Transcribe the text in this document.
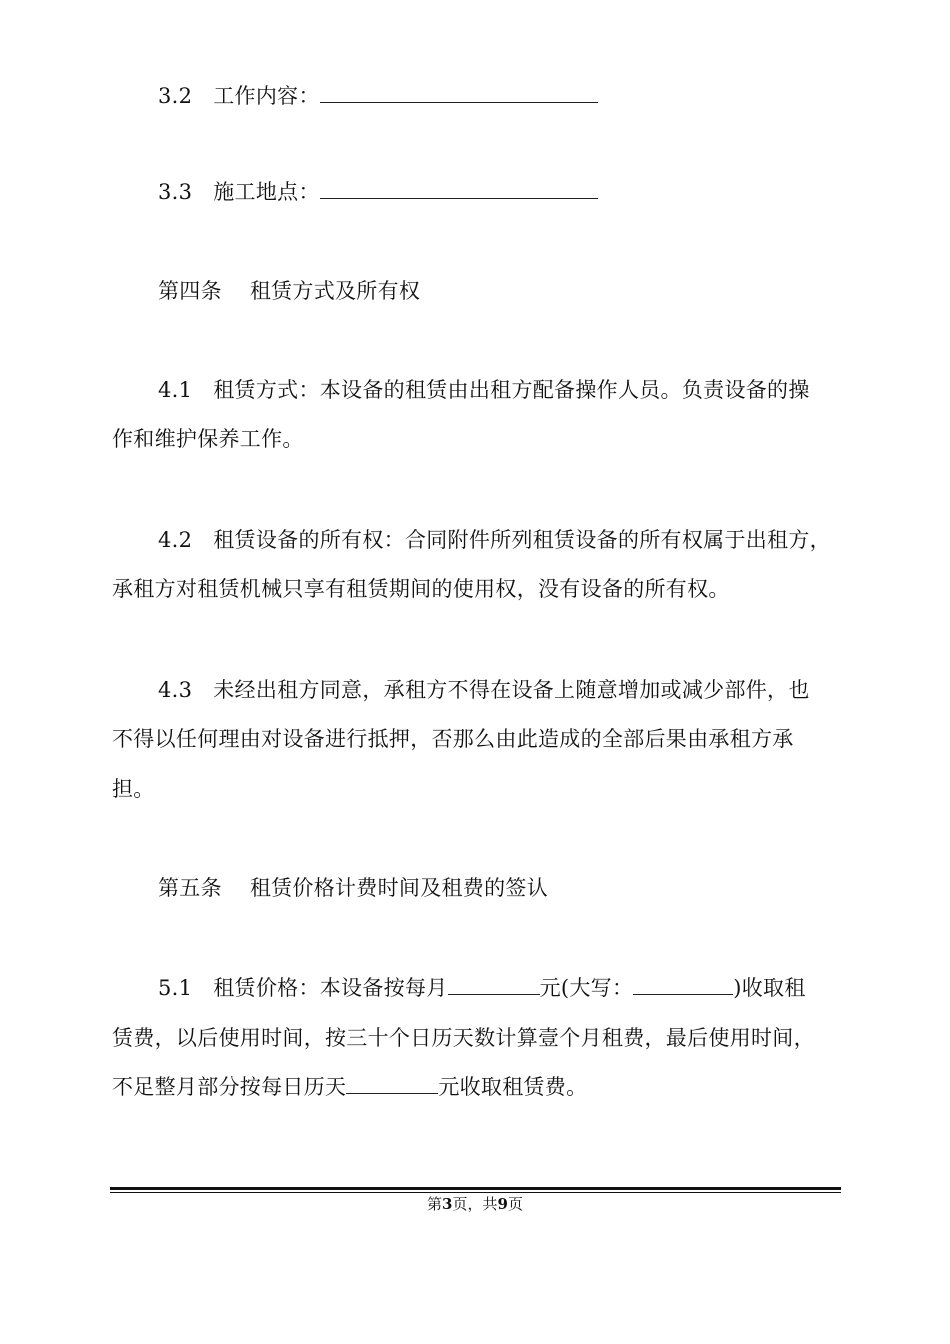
3.2 工作内容：
3.3 施工地点：
第四条 租赁方式及所有权
4.1 租赁方式：本设备的租赁由出租方配备操作人员。负责设备的操
作和维护保养工作。
4.2 租赁设备的所有权：合同附件所列租赁设备的所有权属于出租方，
承租方对租赁机械只享有租赁期间的使用权，没有设备的所有权。
4.3 未经出租方同意，承租方不得在设备上随意增加或减少部件，也
不得以任何理由对设备进行抵押，否那么由此造成的全部后果由承租方承
担。
第五条 租赁价格计费时间及租费的签认
5.1 租赁价格：本设备按每月	元(大写：	)收取租
赁费，以后使用时间，按三十个日历天数计算壹个月租费，最后使用时间，
不足整月部分按每日历天	元收取租赁费。
第3页，共9页
